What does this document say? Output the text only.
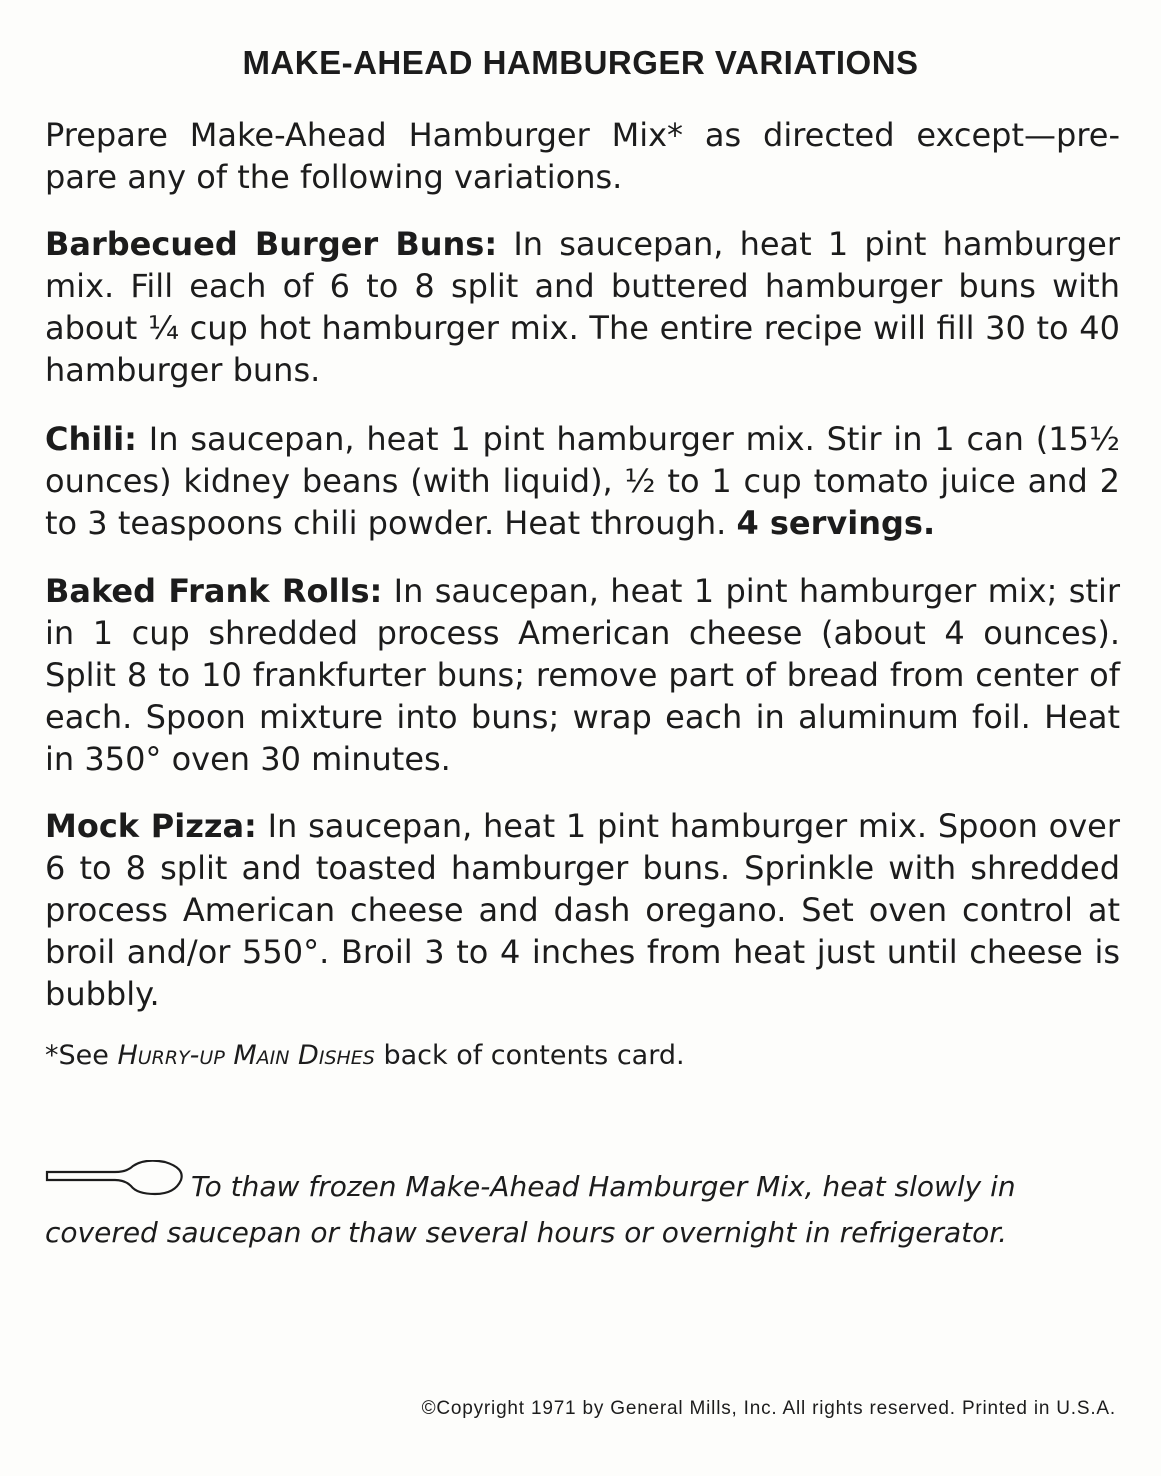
MAKE-AHEAD HAMBURGER VARIATIONS
Prepare Make-Ahead Hamburger Mix* as directed except—pre-pare any of the following variations.
Barbecued Burger Buns: In saucepan, heat 1 pint hamburger mix. Fill each of 6 to 8 split and buttered hamburger buns with about ¼ cup hot hamburger mix. The entire recipe will fill 30 to 40 hamburger buns.
Chili: In saucepan, heat 1 pint hamburger mix. Stir in 1 can (15½ ounces) kidney beans (with liquid), ½ to 1 cup tomato juice and 2 to 3 teaspoons chili powder. Heat through. 4 servings.
Baked Frank Rolls: In saucepan, heat 1 pint hamburger mix; stir in 1 cup shredded process American cheese (about 4 ounces). Split 8 to 10 frankfurter buns; remove part of bread from center of each. Spoon mixture into buns; wrap each in aluminum foil. Heat in 350° oven 30 minutes.
Mock Pizza: In saucepan, heat 1 pint hamburger mix. Spoon over 6 to 8 split and toasted hamburger buns. Sprinkle with shredded process American cheese and dash oregano. Set oven control at broil and/or 550°. Broil 3 to 4 inches from heat just until cheese is bubbly.
*See Hurry-up Main Dishes back of contents card.
To thaw frozen Make-Ahead Hamburger Mix, heat slowly in covered saucepan or thaw several hours or overnight in refrigerator.
©Copyright 1971 by General Mills, Inc. All rights reserved. Printed in U.S.A.
